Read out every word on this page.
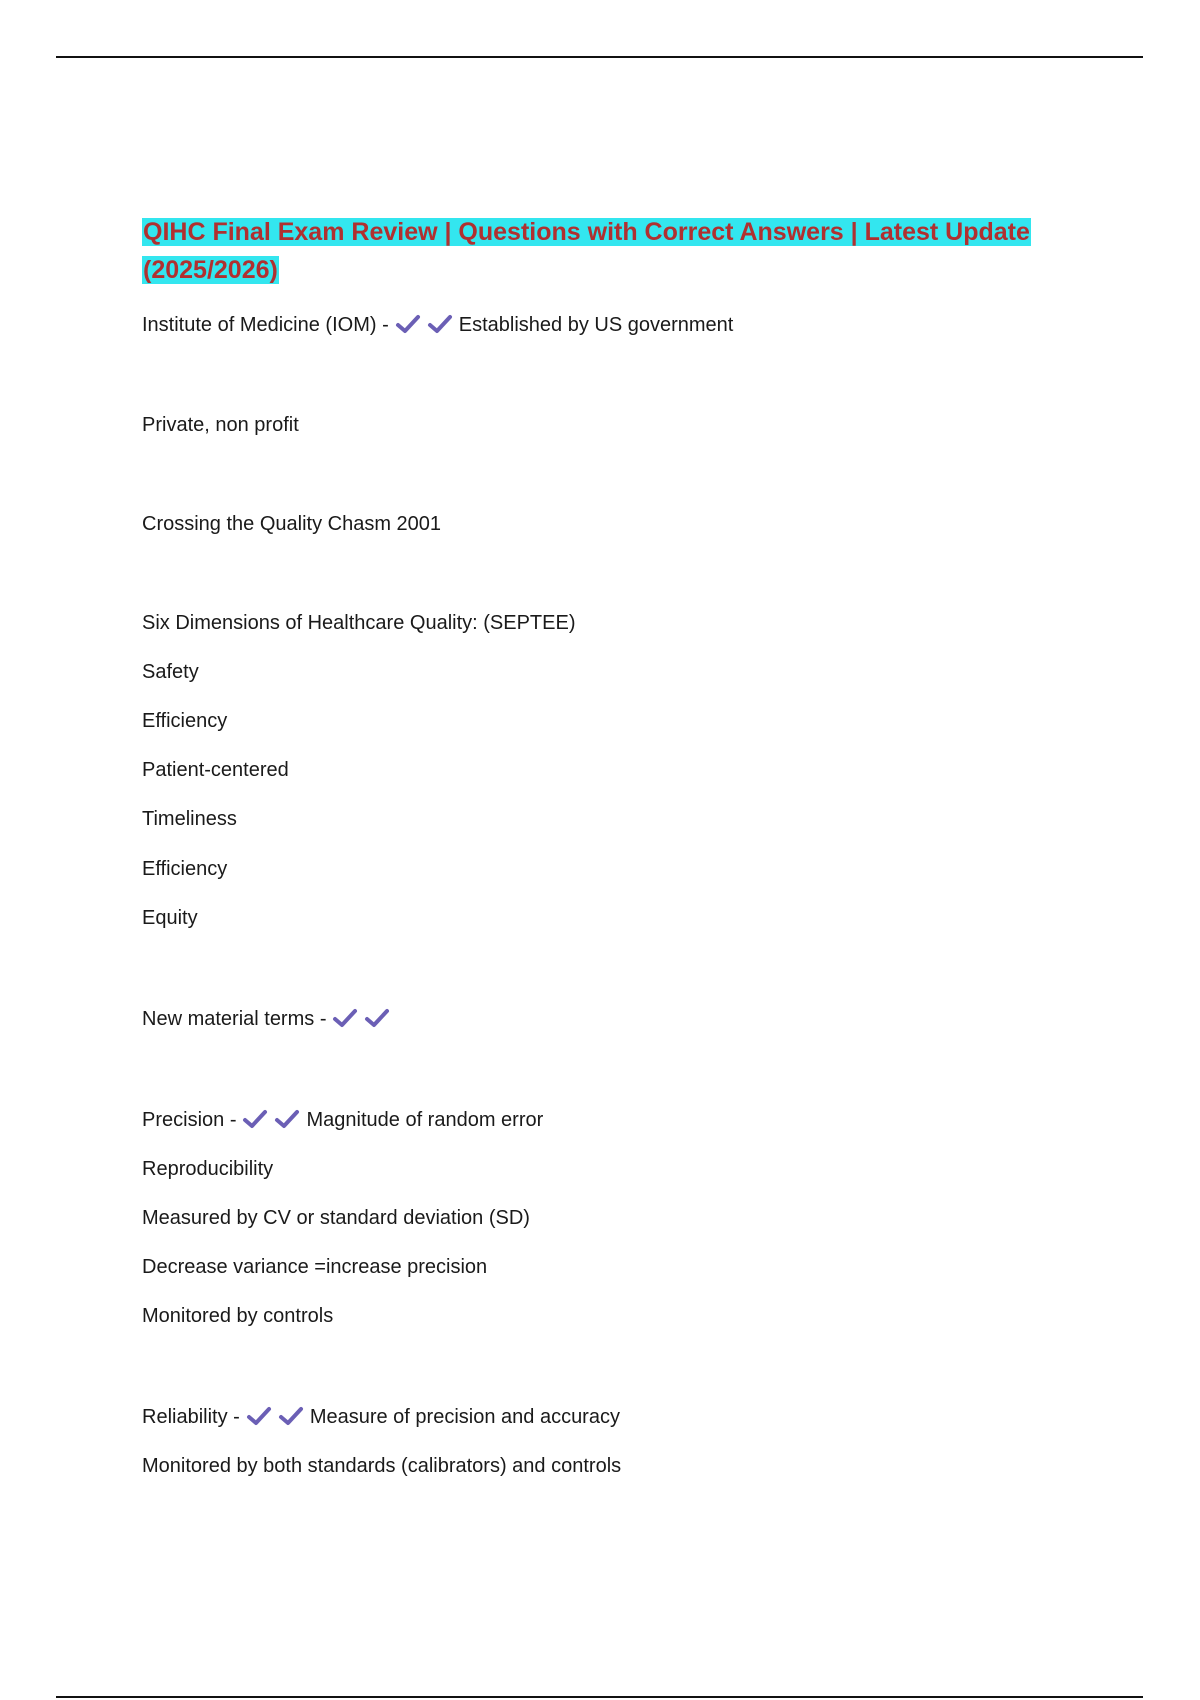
QIHC Final Exam Review | Questions with Correct Answers | Latest Update
(2025/2026)
Institute of Medicine (IOM) -	Established by US government
Private, non profit
Crossing the Quality Chasm 2001
Six Dimensions of Healthcare Quality: (SEPTEE)
Safety
Efficiency
Patient-centered
Timeliness
Efficiency
Equity
New material terms -
Precision -	Magnitude of random error
Reproducibility
Measured by CV or standard deviation (SD)
Decrease variance =increase precision
Monitored by controls
Reliability -	Measure of precision and accuracy
Monitored by both standards (calibrators) and controls
